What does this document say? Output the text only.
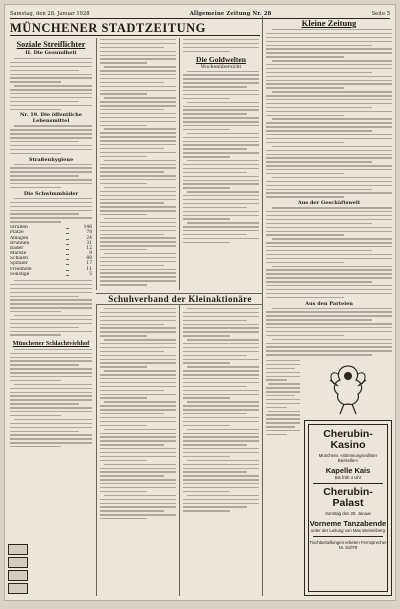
Samstag, den 28. Januar 1928	Allgemeine Zeitung Nr. 28	Seite 5
MÜNCHENER STADTZEITUNG
Soziale Streiflichter
II. Die Gesundheit
Nr. 19. Die öffentliche Lebensmittel
Straßenhygiene
Die Schwimmbäder
Straßen	146
Plätze	78
Anlagen	24
Brunnen	31
Bäder	12
Märkte	9
Schulen	88
Spitäler	17
Friedhöfe	11
Sonstige	5
Münchener Schlachtviehhof
Die Goldwelten
Wochenübersicht
Schuhverband der Kleinaktionäre
Kleine Zeitung
Aus der Geschäftswelt
Aus den Parteien
Cherubin-Kasino
Münchens »Stimmungsvollster Bierkeller«
Kapelle Kais
Bis früh 4 Uhr
Cherubin-Palast
Sonntag den 29. Januar
Vorneme Tanzabende
unter der Leitung von Max Weisenberg
Tischbestellungen erbeten Fernsprecher Nr. 51078
